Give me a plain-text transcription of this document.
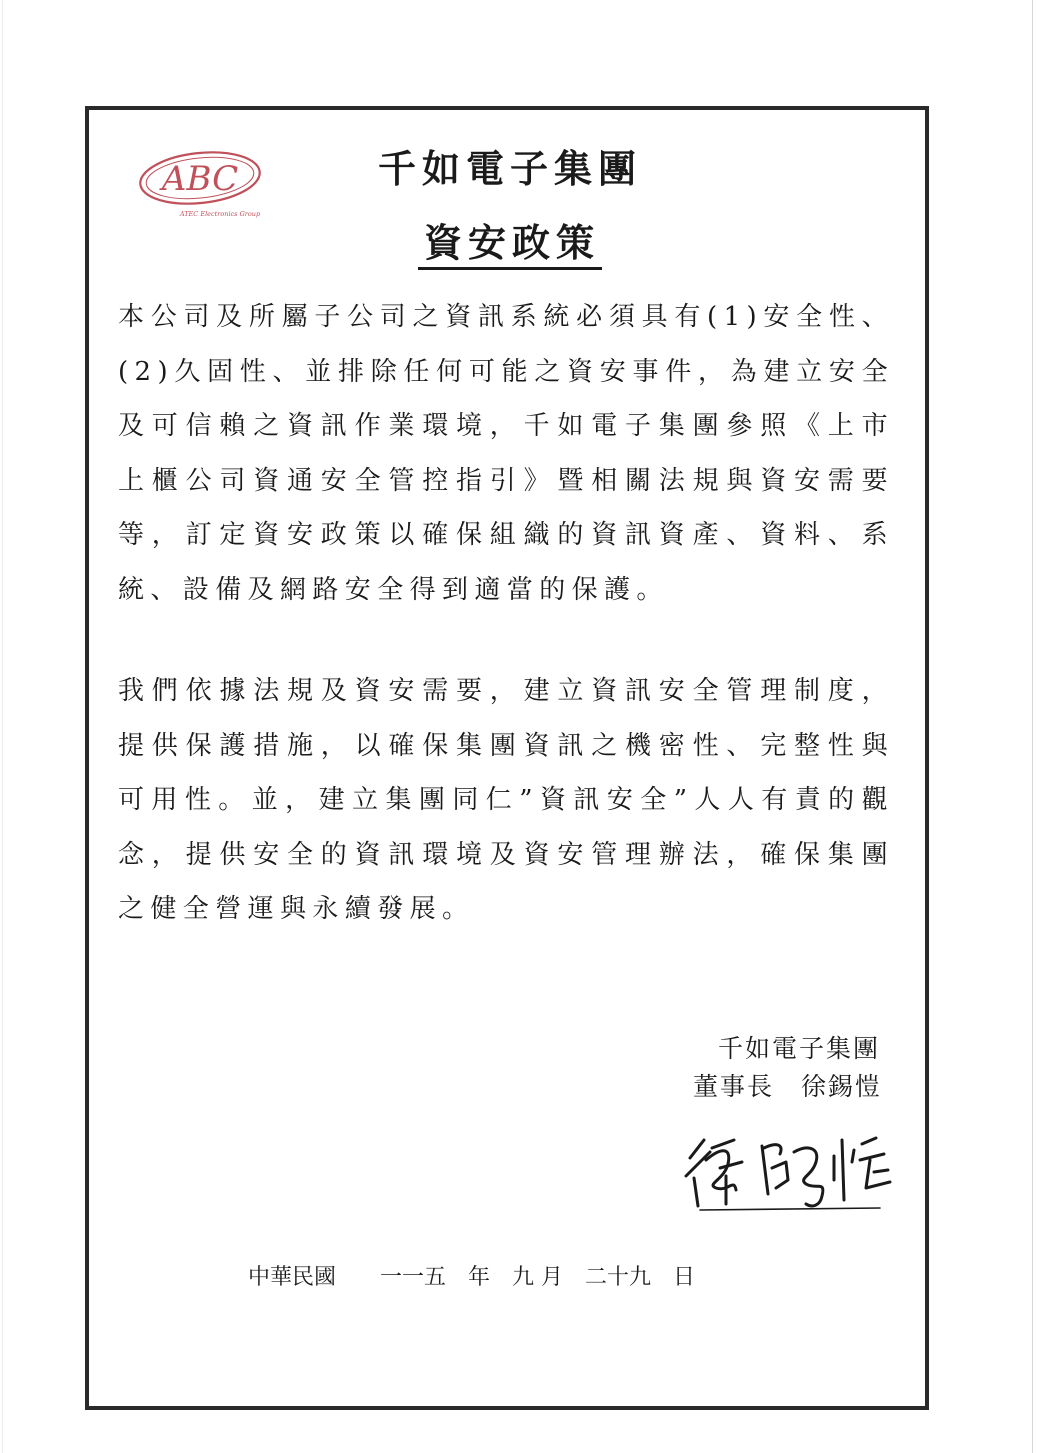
ABC
ATEC Electronics Group
千如電子集團
資安政策
本公司及所屬子公司之資訊系統必須具有(1)安全性、(2)久固性、並排除任何可能之資安事件，為建立安全及可信賴之資訊作業環境，千如電子集團參照《上市上櫃公司資通安全管控指引》暨相關法規與資安需要等，訂定資安政策以確保組織的資訊資產、資料、系統、設備及網路安全得到適當的保護。
我們依據法規及資安需要，建立資訊安全管理制度，提供保護措施，以確保集團資訊之機密性、完整性與可用性。並，建立集團同仁”資訊安全”人人有責的觀念，提供安全的資訊環境及資安管理辦法，確保集團之健全營運與永續發展。
千如電子集團
董事長　徐錫愷
中華民國　　一一五　年　九 月　二十九　日
